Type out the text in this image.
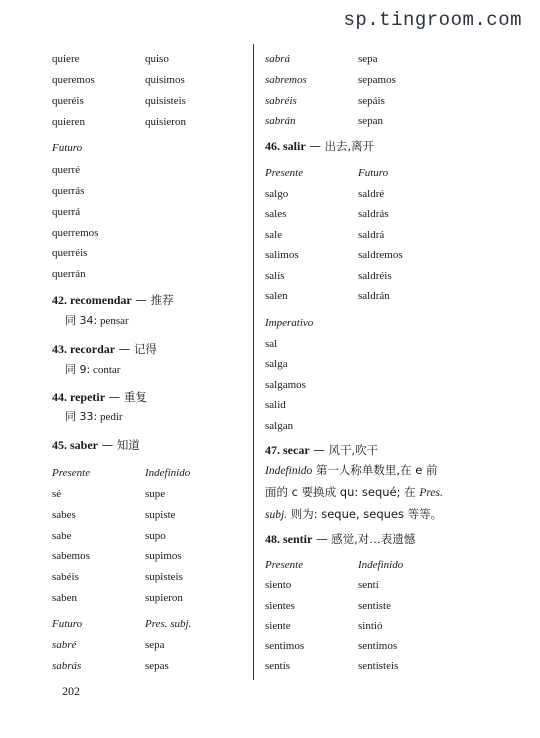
sp.tingroom.com
quiere	quiso
queremos	quisimos
queréis	quisisteis
quieren	quisieron
Futuro
querré
querrás
querrá
querremos
querréis
querrán
42. recomendar — 推荐
同 34: pensar
43. recordar — 记得
同 9: contar
44. repetir — 重复
同 33: pedir
45. saber — 知道
Presente	Indefinido
sé	supe
sabes	supiste
sabe	supo
sabemos	supimos
sabéis	supisteis
saben	supieron
Futuro	Pres. subj.
sabré	sepa
sabrás	sepas
sabrá	sepa
sabremos	sepamos
sabréis	sepáis
sabrán	sepan
46. salir — 出去,离开
Presente	Futuro
salgo	saldré
sales	saldrás
sale	saldrá
salimos	saldremos
salís	saldréis
salen	saldrán
Imperativo
sal
salga
salgamos
salid
salgan
47. secar — 风干,吹干
Indefinido 第一人称单数里,在 e 前
面的 c 要换成 qu: sequé; 在 Pres.
subj. 则为: seque, seques 等等。
48. sentir — 感觉,对…表遗憾
Presente	Indefinido
siento	sentí
sientes	sentiste
siente	sintió
sentimos	sentimos
sentís	sentisteis
202
